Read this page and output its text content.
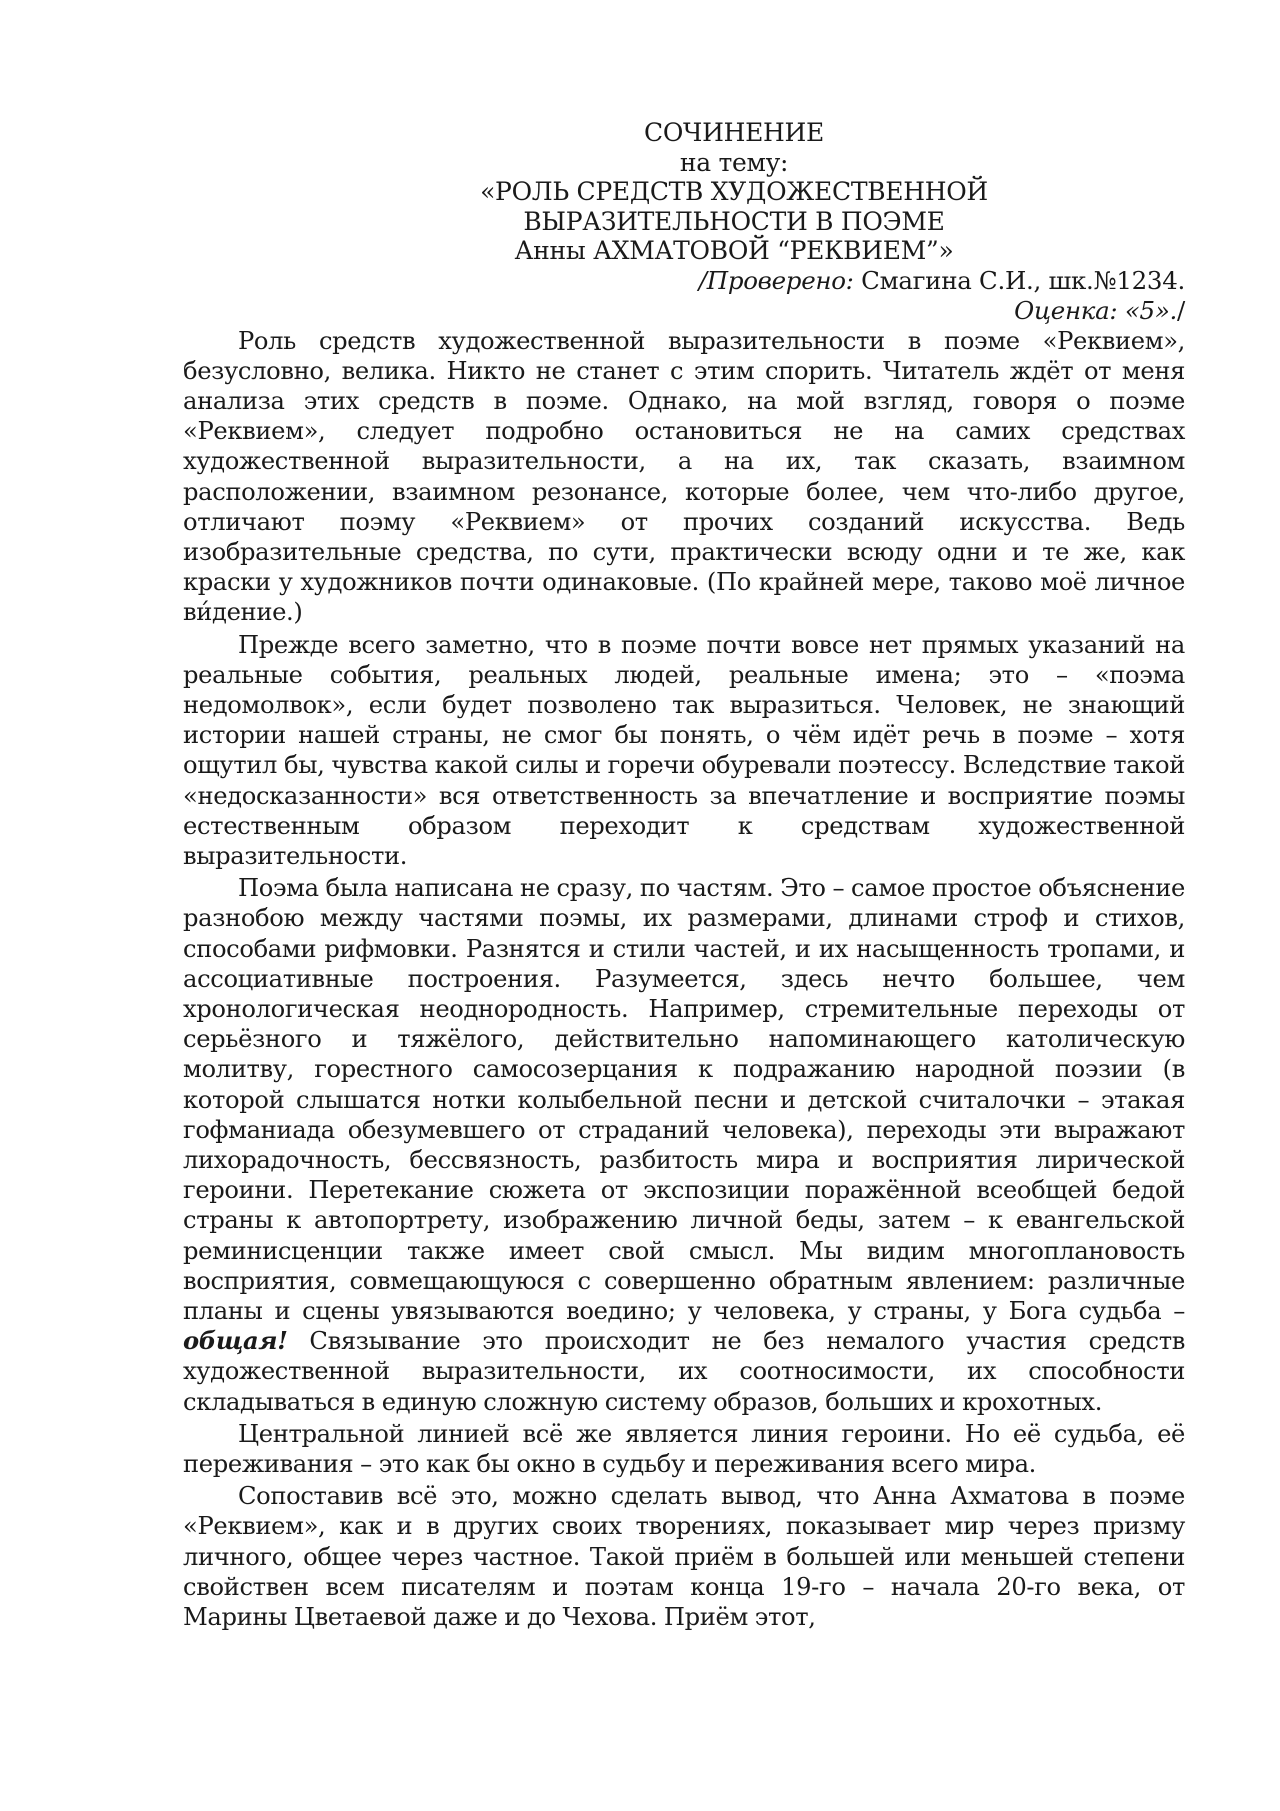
СОЧИНЕНИЕ
на тему:
«РОЛЬ СРЕДСТВ ХУДОЖЕСТВЕННОЙ
ВЫРАЗИТЕЛЬНОСТИ В ПОЭМЕ
Анны АХМАТОВОЙ “РЕКВИЕМ”»
/Проверено: Смагина С.И., шк.№1234.
Оценка: «5»./

Роль средств художественной выразительности в поэме «Реквием», безусловно, велика. Никто не станет с этим спорить. Читатель ждёт от меня анализа этих средств в поэме. Однако, на мой взгляд, говоря о поэме «Реквием», следует подробно остановиться не на самих средствах художественной выразительности, а на их, так сказать, взаимном расположении, взаимном резонансе, которые более, чем что-либо другое, отличают поэму «Реквием» от прочих созданий искусства. Ведь изобразительные средства, по сути, практически всюду одни и те же, как краски у художников почти одинаковые. (По крайней мере, таково моё личное ви́дение.)

Прежде всего заметно, что в поэме почти вовсе нет прямых указаний на реальные события, реальных людей, реальные имена; это – «поэма недомолвок», если будет позволено так выразиться. Человек, не знающий истории нашей страны, не смог бы понять, о чём идёт речь в поэме – хотя ощутил бы, чувства какой силы и горечи обуревали поэтессу. Вследствие такой «недосказанности» вся ответственность за впечатление и восприятие поэмы естественным образом переходит к средствам художественной выразительности.

Поэма была написана не сразу, по частям. Это – самое простое объяснение разнобою между частями поэмы, их размерами, длинами строф и стихов, способами рифмовки. Разнятся и стили частей, и их насыщенность тропами, и ассоциативные построения. Разумеется, здесь нечто большее, чем хронологическая неоднородность. Например, стремительные переходы от серьёзного и тяжёлого, действительно напоминающего католическую молитву, горестного самосозерцания к подражанию народной поэзии (в которой слышатся нотки колыбельной песни и детской считалочки – этакая гофманиада обезумевшего от страданий человека), переходы эти выражают лихорадочность, бессвязность, разбитость мира и восприятия лирической героини. Перетекание сюжета от экспозиции поражённой всеобщей бедой страны к автопортрету, изображению личной беды, затем – к евангельской реминисценции также имеет свой смысл. Мы видим многоплановость восприятия, совмещающуюся с совершенно обратным явлением: различные планы и сцены увязываются воедино; у человека, у страны, у Бога судьба – общая! Связывание это происходит не без немалого участия средств художественной выразительности, их соотносимости, их способности складываться в единую сложную систему образов, больших и крохотных.

Центральной линией всё же является линия героини. Но её судьба, её переживания – это как бы окно в судьбу и переживания всего мира.

Сопоставив всё это, можно сделать вывод, что Анна Ахматова в поэме «Реквием», как и в других своих творениях, показывает мир через призму личного, общее через частное. Такой приём в большей или меньшей степени свойствен всем писателям и поэтам конца 19-го – начала 20-го века, от Марины Цветаевой даже и до Чехова. Приём этот,
